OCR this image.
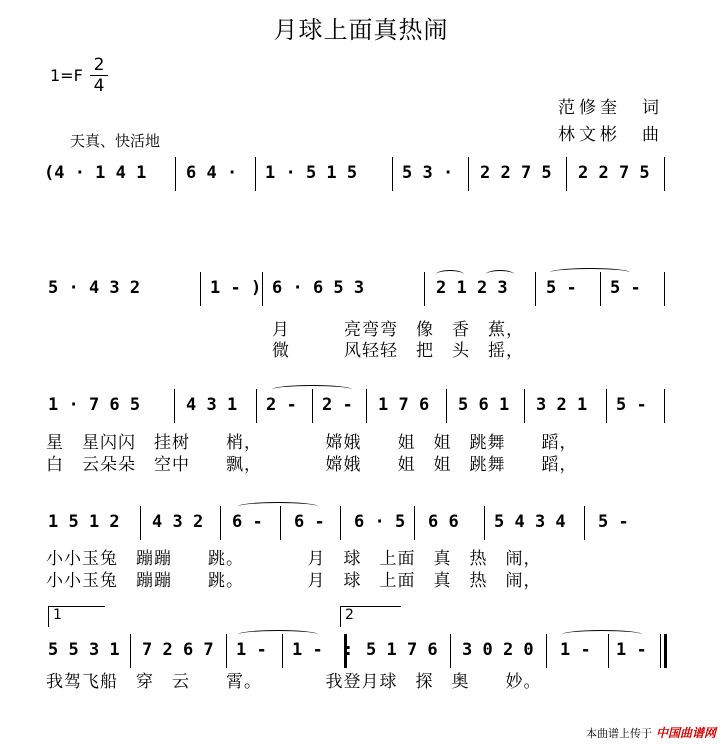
月球上面真热闹
1=F
2
4
范修奎　词
林文彬　曲
天真、快活地
(4 · 1 4 1 6 4 · 1 · 5 1 5	5 3 · 2 2 7 5 2 2 7 5
5 · 4 3 2	1 - ) 6 · 6 5 3	2 1 2 3 5 - 5 -
月　　　亮弯弯　像　香　蕉，
微　　　风轻轻　把　头　摇，
1 · 7 6 5	4 3 1 2 - 2 - 1 7 6 5 6 1 3 2 1 5 -
星　星闪闪　挂树　　梢，　　　　嫦娥　　姐　姐　跳舞　　蹈，
白　云朵朵　空中　　飘，　　　　嫦娥　　姐　姐　跳舞　　蹈，
1 5 1 2 4 3 2 6 - 6 - 6 · 5 6 6 5 4 3 4 5 -
小小玉兔　蹦蹦　　跳。　　　　月　球　上面　真　热　闹，
小小玉兔　蹦蹦　　跳。　　　　月　球　上面　真　热　闹，
1	2
5 5 3 1 7 2 6 7 1 - 1 -  : 5 1 7 6 3 0 2 0 1 - 1 -
我驾飞船　穿　云　　霄。　　　　我登月球　探　奥　　妙。
本曲谱上传于 中国曲谱网
